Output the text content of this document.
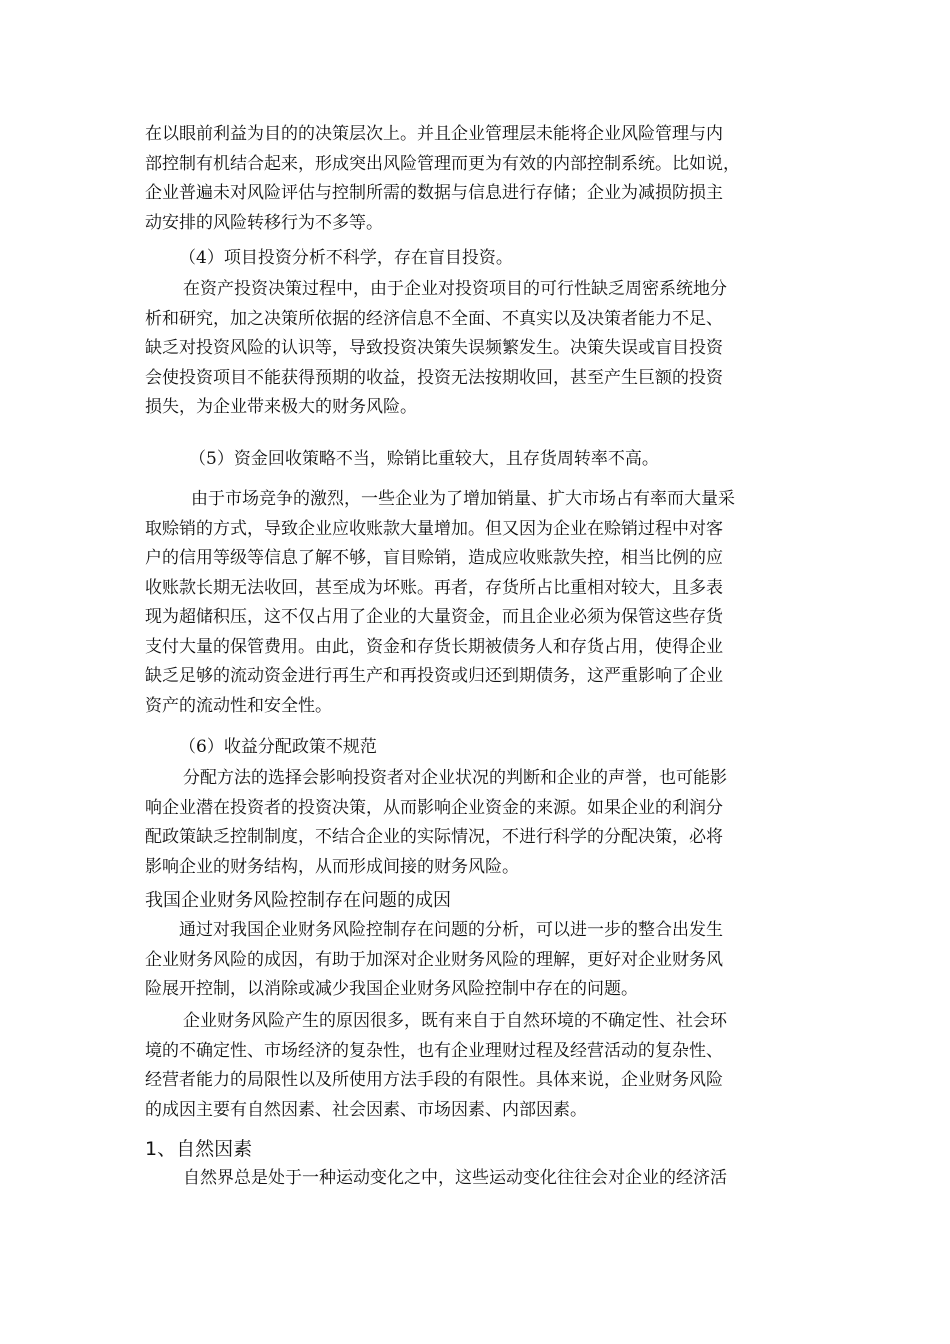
在以眼前利益为目的的决策层次上。并且企业管理层未能将企业风险管理与内
部控制有机结合起来，形成突出风险管理而更为有效的内部控制系统。比如说，
企业普遍未对风险评估与控制所需的数据与信息进行存储；企业为减损防损主
动安排的风险转移行为不多等。
（4）项目投资分析不科学，存在盲目投资。
在资产投资决策过程中，由于企业对投资项目的可行性缺乏周密系统地分
析和研究，加之决策所依据的经济信息不全面、不真实以及决策者能力不足、
缺乏对投资风险的认识等，导致投资决策失误频繁发生。决策失误或盲目投资
会使投资项目不能获得预期的收益，投资无法按期收回，甚至产生巨额的投资
损失，为企业带来极大的财务风险。
（5）资金回收策略不当，赊销比重较大，且存货周转率不高。
由于市场竞争的激烈，一些企业为了增加销量、扩大市场占有率而大量采
取赊销的方式，导致企业应收账款大量增加。但又因为企业在赊销过程中对客
户的信用等级等信息了解不够，盲目赊销，造成应收账款失控，相当比例的应
收账款长期无法收回，甚至成为坏账。再者，存货所占比重相对较大，且多表
现为超储积压，这不仅占用了企业的大量资金，而且企业必须为保管这些存货
支付大量的保管费用。由此，资金和存货长期被债务人和存货占用，使得企业
缺乏足够的流动资金进行再生产和再投资或归还到期债务，这严重影响了企业
资产的流动性和安全性。
（6）收益分配政策不规范
分配方法的选择会影响投资者对企业状况的判断和企业的声誉，也可能影
响企业潜在投资者的投资决策，从而影响企业资金的来源。如果企业的利润分
配政策缺乏控制制度，不结合企业的实际情况，不进行科学的分配决策，必将
影响企业的财务结构，从而形成间接的财务风险。
我国企业财务风险控制存在问题的成因
通过对我国企业财务风险控制存在问题的分析，可以进一步的整合出发生
企业财务风险的成因，有助于加深对企业财务风险的理解，更好对企业财务风
险展开控制，以消除或减少我国企业财务风险控制中存在的问题。
企业财务风险产生的原因很多，既有来自于自然环境的不确定性、社会环
境的不确定性、市场经济的复杂性，也有企业理财过程及经营活动的复杂性、
经营者能力的局限性以及所使用方法手段的有限性。具体来说，企业财务风险
的成因主要有自然因素、社会因素、市场因素、内部因素。
1、自然因素
自然界总是处于一种运动变化之中，这些运动变化往往会对企业的经济活
